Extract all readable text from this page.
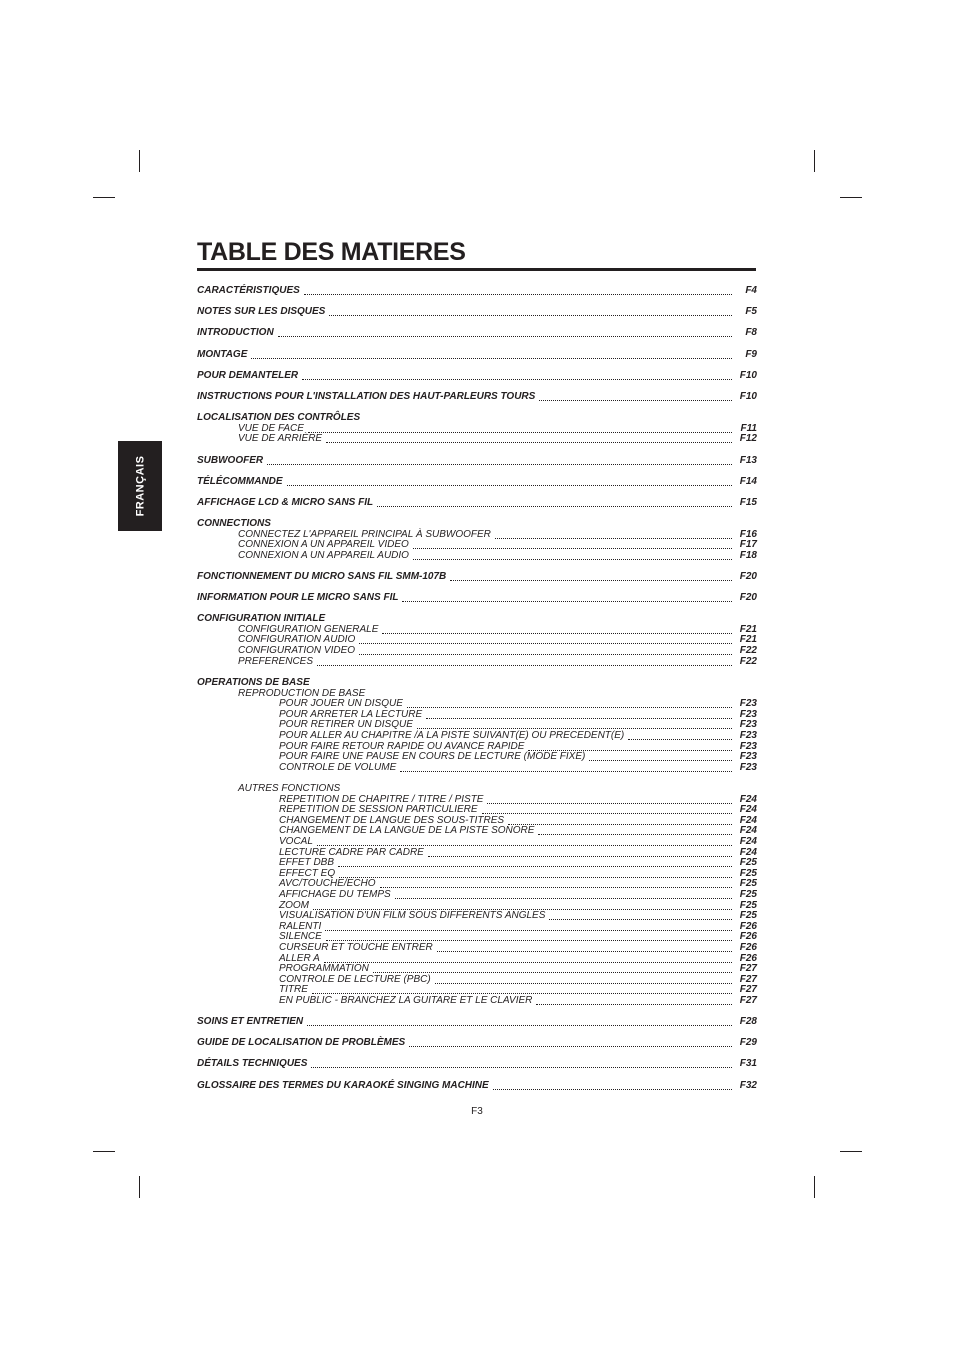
FRANÇAIS
TABLE DES MATIERES
CARACTÉRISTIQUES	F4
NOTES SUR LES DISQUES	F5
INTRODUCTION	F8
MONTAGE	F9
POUR DEMANTELER	F10
INSTRUCTIONS POUR L'INSTALLATION DES HAUT-PARLEURS TOURS	F10
LOCALISATION DES CONTRÔLES
VUE DE FACE	F11
VUE DE ARRIÈRE	F12
SUBWOOFER	F13
TÉLÉCOMMANDE	F14
AFFICHAGE LCD & MICRO SANS FIL	F15
CONNECTIONS
CONNECTEZ L'APPAREIL PRINCIPAL À SUBWOOFER	F16
CONNEXION A UN APPAREIL VIDEO	F17
CONNEXION A UN APPAREIL AUDIO	F18
FONCTIONNEMENT DU MICRO SANS FIL SMM-107B	F20
INFORMATION POUR LE MICRO SANS FIL	F20
CONFIGURATION INITIALE
CONFIGURATION GENERALE	F21
CONFIGURATION AUDIO	F21
CONFIGURATION VIDEO	F22
PREFERENCES	F22
OPERATIONS DE BASE
REPRODUCTION DE BASE
POUR JOUER UN DISQUE	F23
POUR ARRETER LA LECTURE	F23
POUR RETIRER UN DISQUE	F23
POUR ALLER AU CHAPITRE /A LA PISTE SUIVANT(E) OU PRECEDENT(E)	F23
POUR FAIRE RETOUR RAPIDE OU AVANCE RAPIDE	F23
POUR FAIRE UNE PAUSE EN COURS DE LECTURE (MODE FIXE)	F23
CONTROLE DE VOLUME	F23
AUTRES FONCTIONS
REPETITION DE CHAPITRE / TITRE / PISTE	F24
REPETITION DE SESSION PARTICULIERE	F24
CHANGEMENT DE LANGUE DES SOUS-TITRES	F24
CHANGEMENT DE LA LANGUE DE LA PISTE SONORE	F24
VOCAL	F24
LECTURE CADRE PAR CADRE	F24
EFFET DBB	F25
EFFECT EQ	F25
AVC/TOUCHE/ECHO	F25
AFFICHAGE DU TEMPS	F25
ZOOM	F25
VISUALISATION D'UN FILM SOUS DIFFERENTS ANGLES	F25
RALENTI	F26
SILENCE	F26
CURSEUR ET TOUCHE ENTRER	F26
ALLER A	F26
PROGRAMMATION	F27
CONTROLE DE LECTURE (PBC)	F27
TITRE	F27
EN PUBLIC - BRANCHEZ LA GUITARE ET LE CLAVIER	F27
SOINS ET ENTRETIEN	F28
GUIDE DE LOCALISATION DE PROBLÈMES	F29
DÉTAILS TECHNIQUES	F31
GLOSSAIRE DES TERMES DU KARAOKÉ SINGING MACHINE	F32
F3
